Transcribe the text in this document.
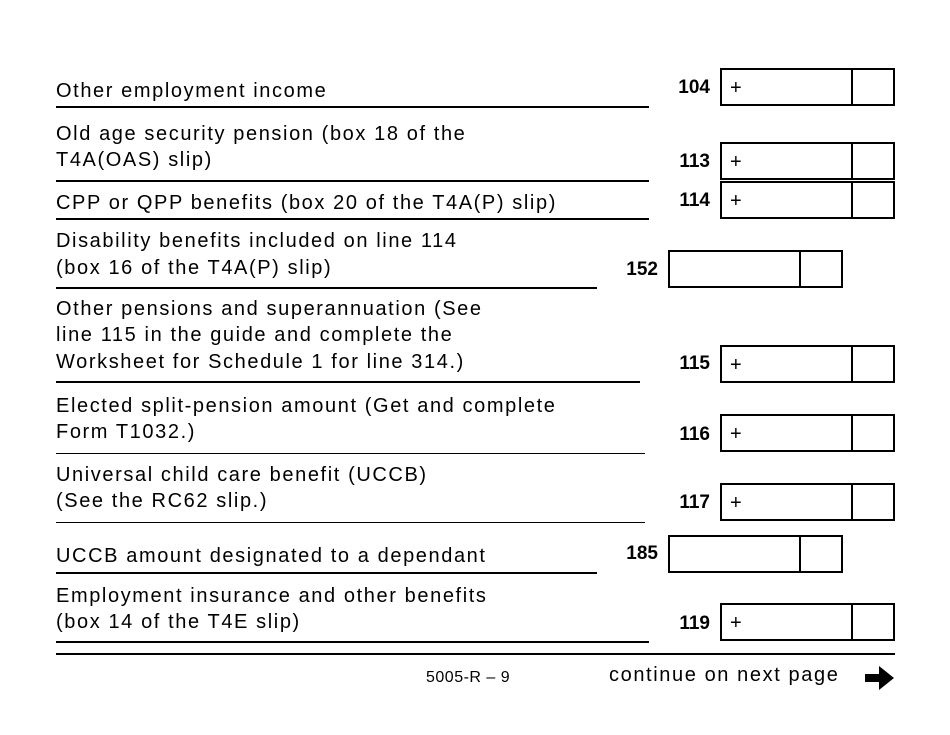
Other employment income	104 +
Old age security pension (box 18 of the
T4A(OAS) slip)	113 +
CPP or QPP benefits (box 20 of the T4A(P) slip)	114 +
Disability benefits included on line 114
(box 16 of the T4A(P) slip)	152
Other pensions and superannuation (See
line 115 in the guide and complete the
Worksheet for Schedule 1 for line 314.)	115 +
Elected split-pension amount (Get and complete
Form T1032.)	116 +
Universal child care benefit (UCCB)
(See the RC62 slip.)	117 +
UCCB amount designated to a dependant	185
Employment insurance and other benefits
(box 14 of the T4E slip)	119 +
5005-R – 9	continue on next page
